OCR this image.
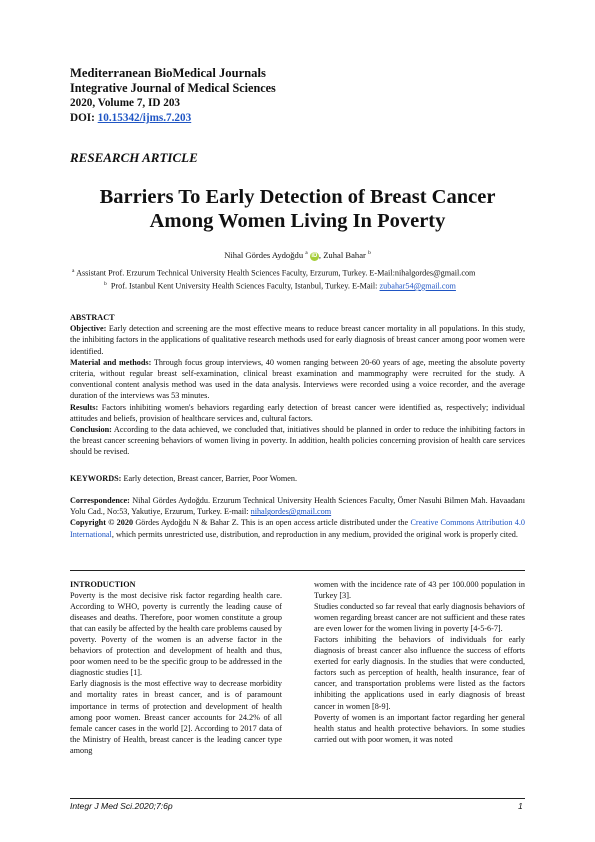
Mediterranean BioMedical Journals
Integrative Journal of Medical Sciences
2020, Volume 7, ID 203
DOI: 10.15342/ijms.7.203
RESEARCH ARTICLE
Barriers To Early Detection of Breast Cancer
Among Women Living In Poverty
Nihal Gördes Aydoğdu $^a$ iD , Zuhal Bahar $^b$
$^a$ Assistant Prof. Erzurum Technical University Health Sciences Faculty, Erzurum, Turkey. E-Mail:nihalgordes@gmail.com
$^b$ Prof. Istanbul Kent University Health Sciences Faculty, Istanbul, Turkey. E-Mail: zubahar54@gmail.com

ABSTRACT

Objective: Early detection and screening are the most effective means to reduce breast cancer mortality in all populations. In this study, the inhibiting factors in the applications of qualitative research methods used for early diagnosis of breast cancer among poor women were identified.

Material and methods: Through focus group interviews, 40 women ranging between 20-60 years of age, meeting the absolute poverty criteria, without regular breast self-examination, clinical breast examination and mammography were recruited for the study. A conventional content analysis method was used in the data analysis. Interviews were recorded using a voice recorder, and the average duration of the interviews was 53 minutes.

Results: Factors inhibiting women's behaviors regarding early detection of breast cancer were identified as, respectively; individual attitudes and beliefs, provision of healthcare services and, cultural factors.

Conclusion: According to the data achieved, we concluded that, initiatives should be planned in order to reduce the inhibiting factors in the breast cancer screening behaviors of women living in poverty. In addition, health policies concerning provision of health care services should be revised.

KEYWORDS: Early detection, Breast cancer, Barrier, Poor Women.

Correspondence: Nihal Gördes Aydoğdu. Erzurum Technical University Health Sciences Faculty, Ömer Nasuhi Bilmen Mah. Havaadanı Yolu Cad., No:53, Yakutiye, Erzurum, Turkey. E-mail: nihalgordes@gmail.com

Copyright © 2020 Gördes Aydoğdu N & Bahar Z. This is an open access article distributed under the Creative Commons Attribution 4.0 International, which permits unrestricted use, distribution, and reproduction in any medium, provided the original work is properly cited.

INTRODUCTION

Poverty is the most decisive risk factor regarding health care. According to WHO, poverty is currently the leading cause of diseases and deaths. Therefore, poor women constitute a group that can easily be affected by the health care problems caused by poverty. Poverty of the women is an adverse factor in the behaviors of protection and development of health and thus, poor women need to be the specific group to be addressed in the diagnostic studies [1].

Early diagnosis is the most effective way to decrease morbidity and mortality rates in breast cancer, and is of paramount importance in terms of protection and development of health among poor women. Breast cancer accounts for 24.2% of all female cancer cases in the world [2]. According to 2017 data of the Ministry of Health, breast cancer is the leading cancer type among

women with the incidence rate of 43 per 100.000 population in Turkey [3].

Studies conducted so far reveal that early diagnosis behaviors of women regarding breast cancer are not sufficient and these rates are even lower for the women living in poverty [4-5-6-7].

Factors inhibiting the behaviors of individuals for early diagnosis of breast cancer also influence the success of efforts exerted for early diagnosis. In the studies that were conducted, factors such as perception of health, health insurance, fear of cancer, and transportation problems were listed as the factors inhibiting the applications used in early diagnosis of breast cancer in women [8-9].

Poverty of women is an important factor regarding her general health status and health protective behaviors. In some studies carried out with poor women, it was noted

Integr J Med Sci.2020;7:6p	1
